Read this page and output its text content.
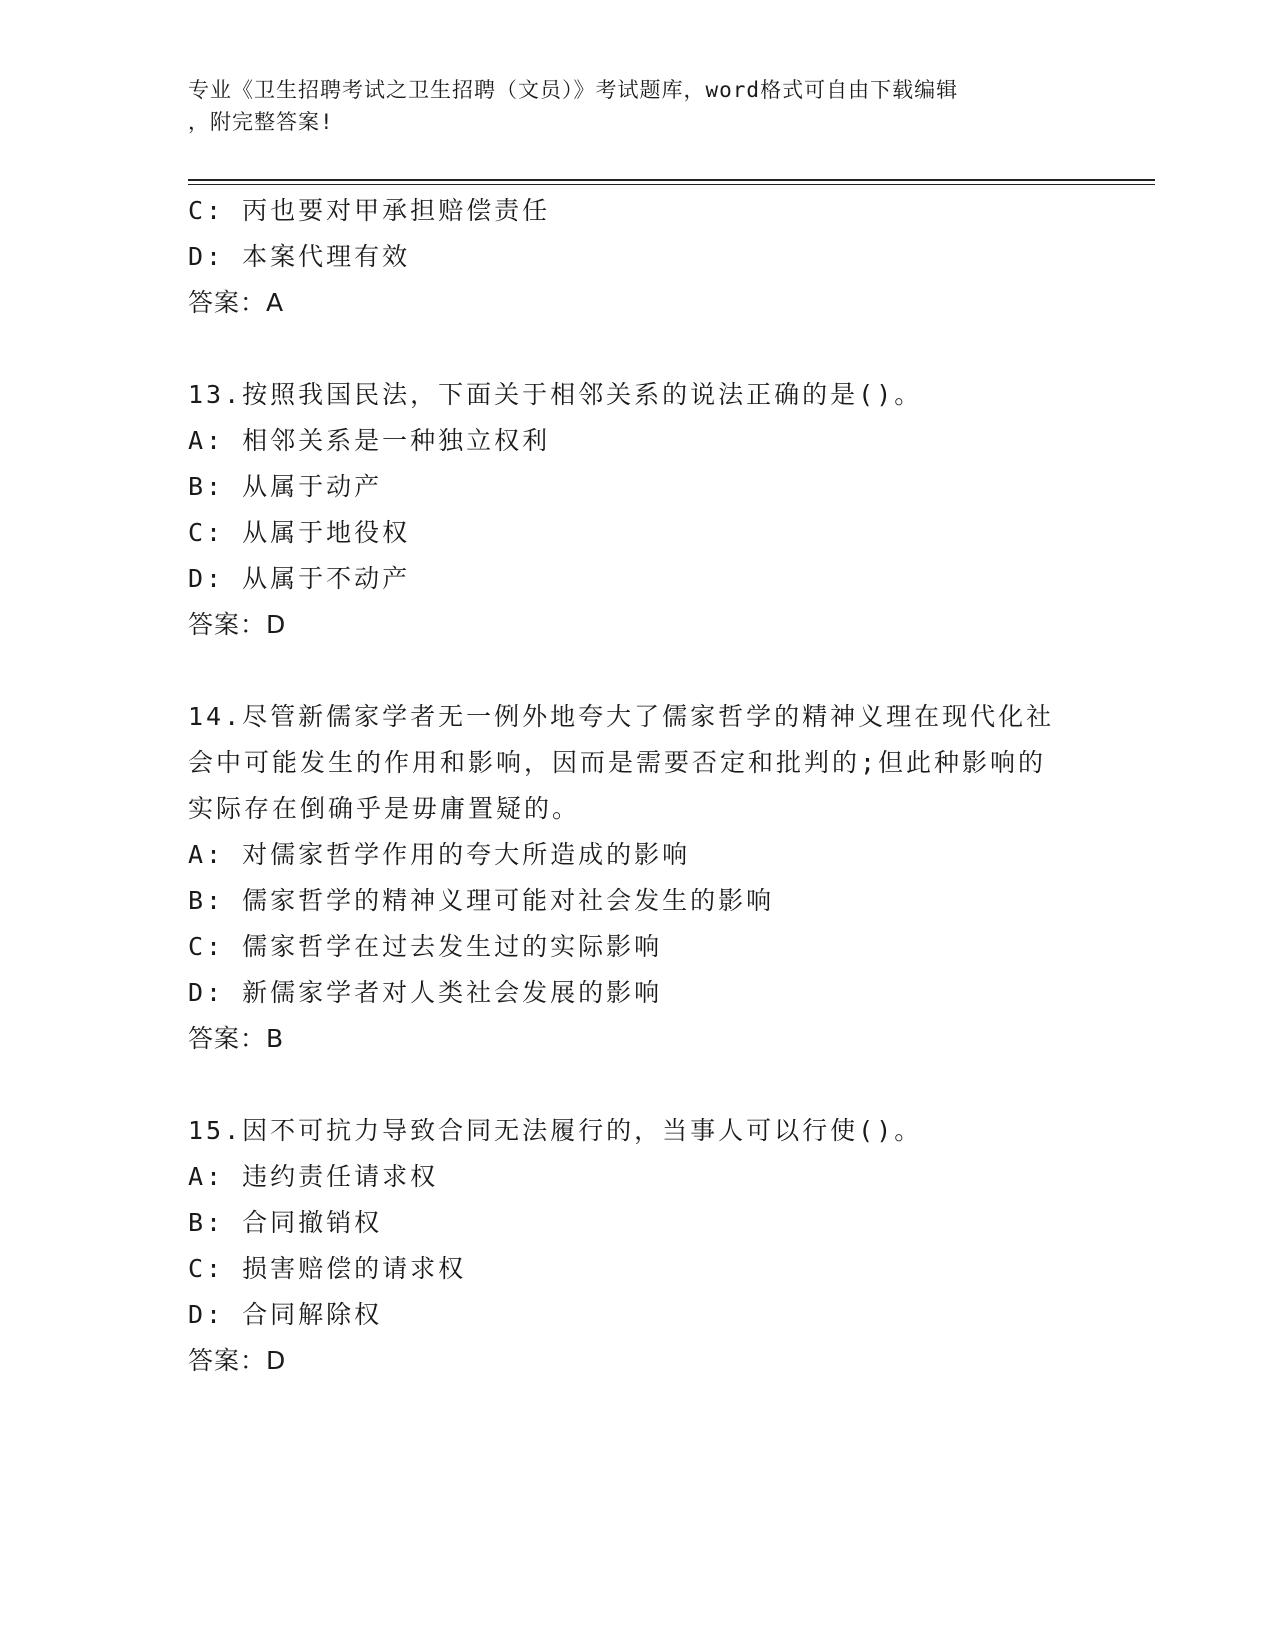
专业《卫生招聘考试之卫生招聘（文员）》考试题库，word格式可自由下载编辑
，附完整答案!
C: 丙也要对甲承担赔偿责任
D: 本案代理有效
答案：A
13.按照我国民法，下面关于相邻关系的说法正确的是()。
A: 相邻关系是一种独立权利
B: 从属于动产
C: 从属于地役权
D: 从属于不动产
答案：D
14.尽管新儒家学者无一例外地夸大了儒家哲学的精神义理在现代化社
会中可能发生的作用和影响，因而是需要否定和批判的;但此种影响的
实际存在倒确乎是毋庸置疑的。
A: 对儒家哲学作用的夸大所造成的影响
B: 儒家哲学的精神义理可能对社会发生的影响
C: 儒家哲学在过去发生过的实际影响
D: 新儒家学者对人类社会发展的影响
答案：B
15.因不可抗力导致合同无法履行的，当事人可以行使()。
A: 违约责任请求权
B: 合同撤销权
C: 损害赔偿的请求权
D: 合同解除权
答案：D
